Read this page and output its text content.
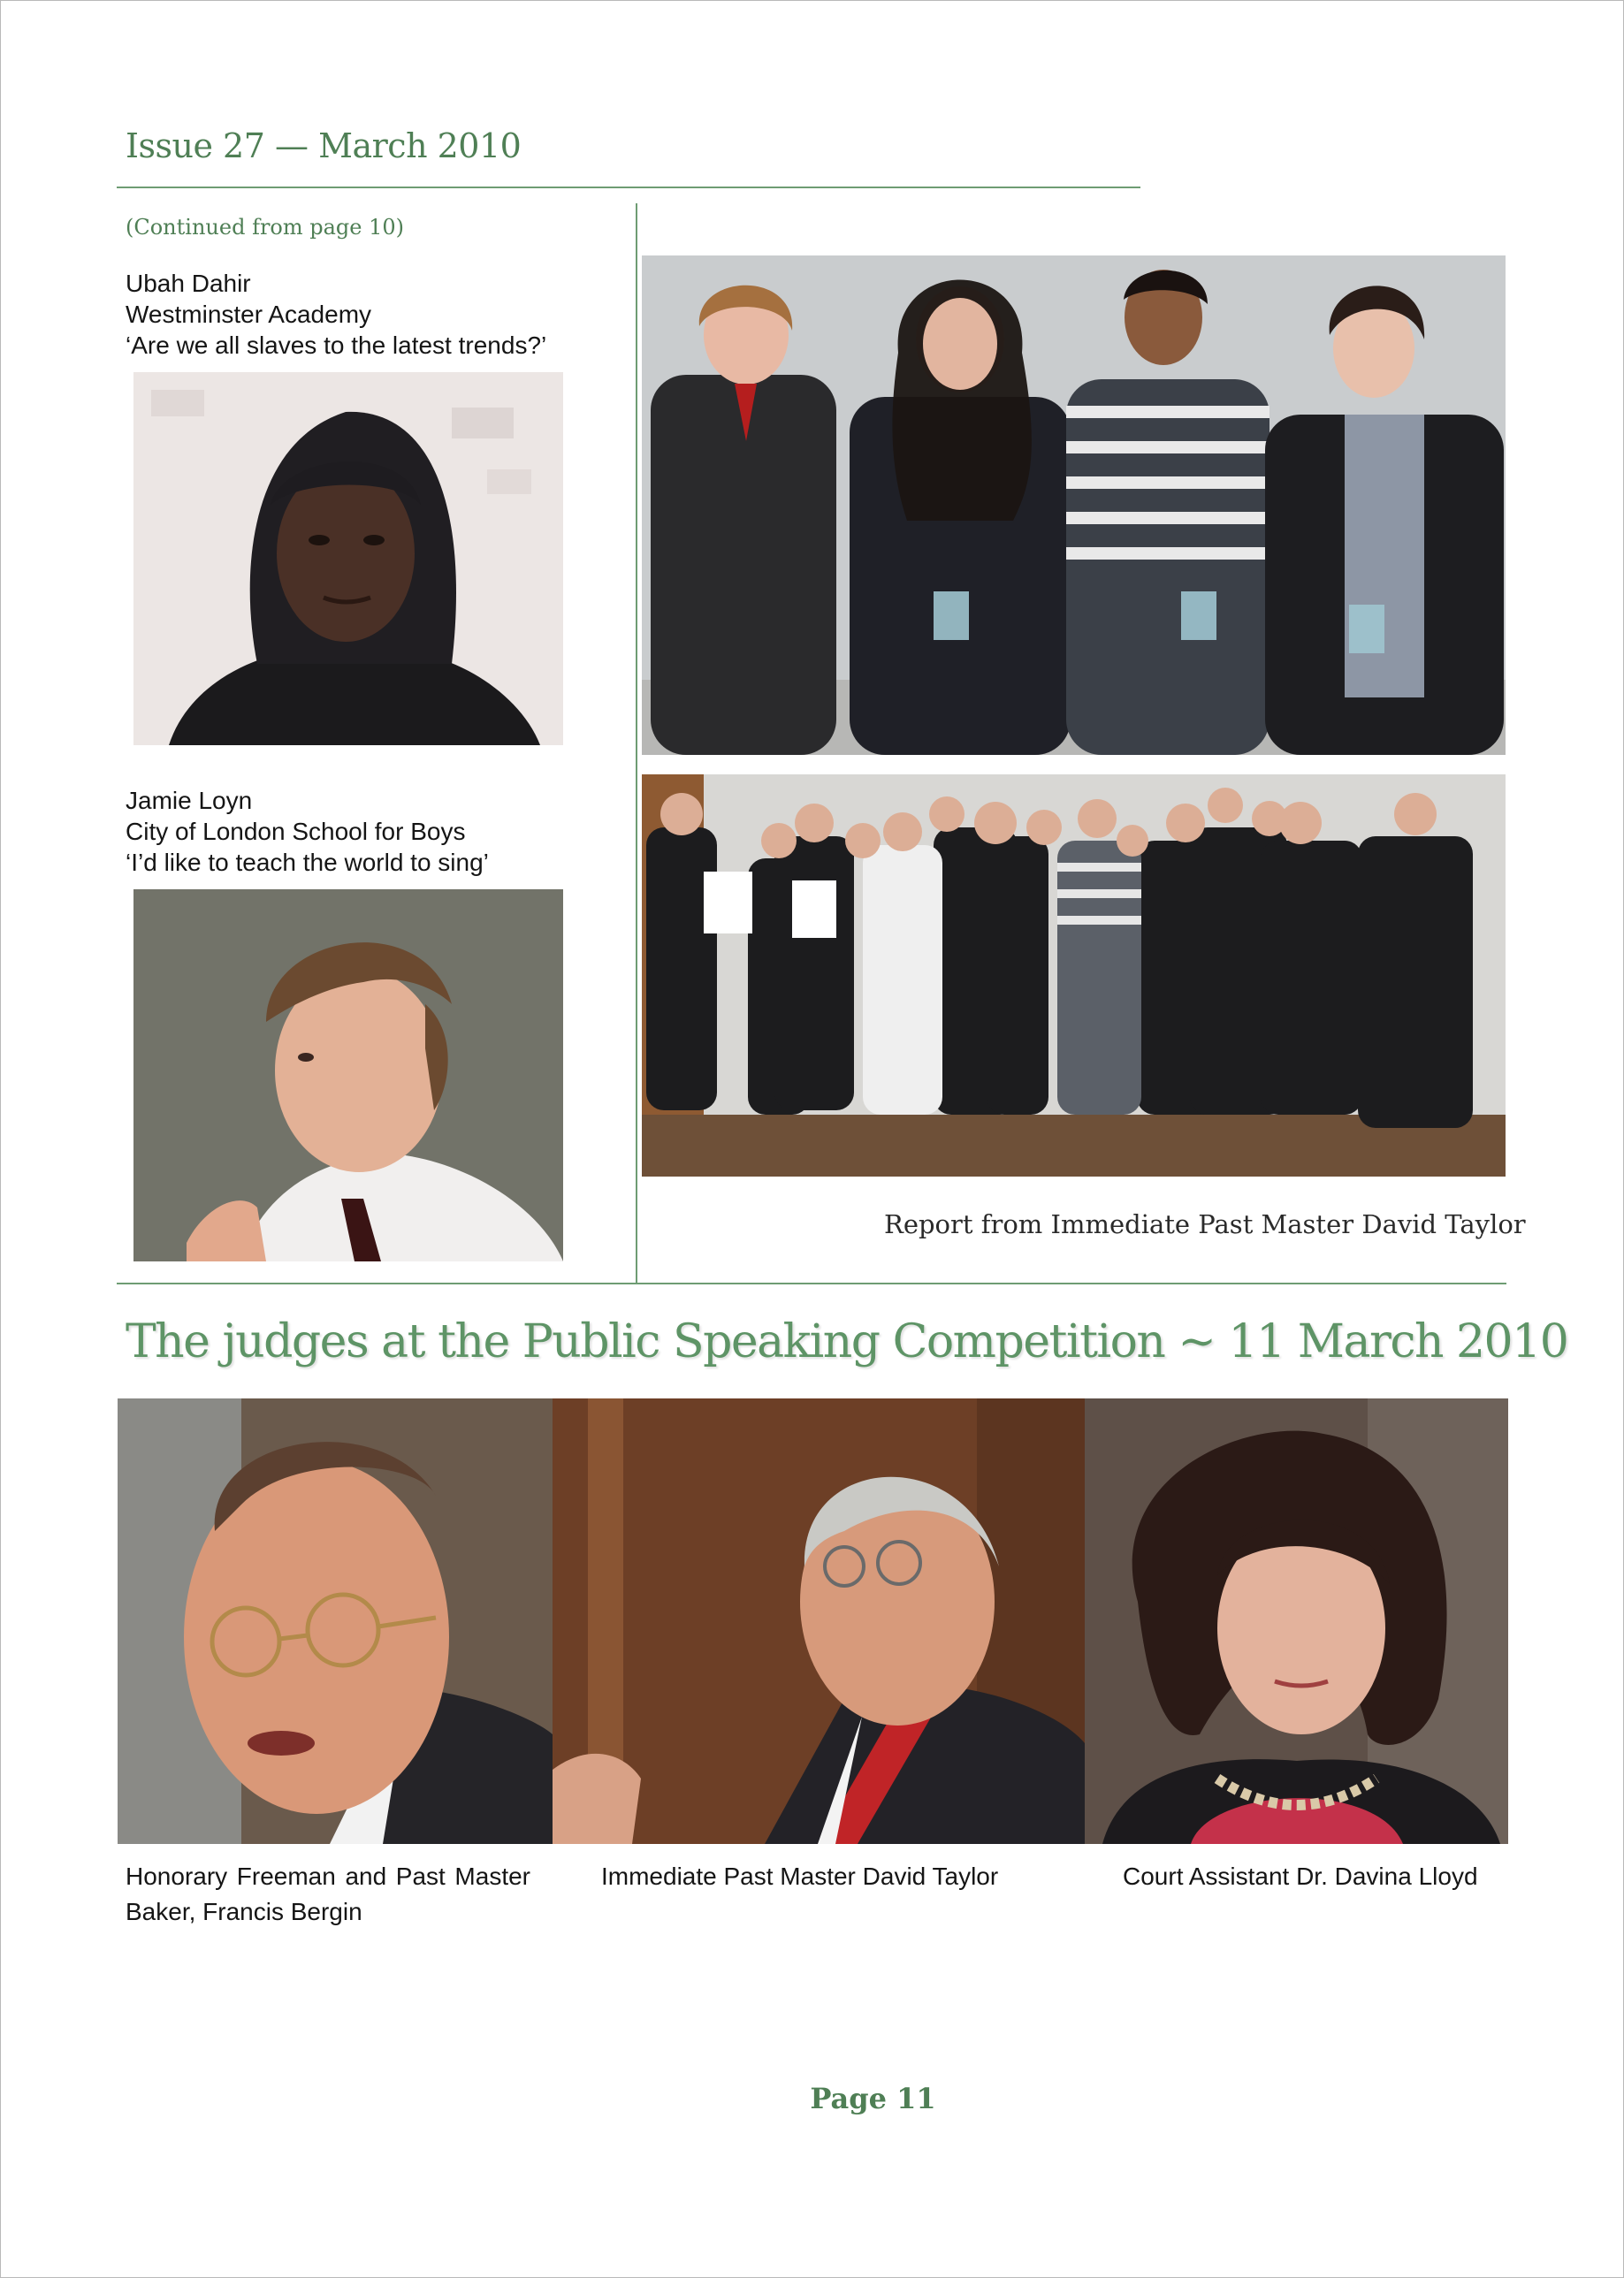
Issue 27 — March 2010
(Continued from page 10)
Ubah Dahir
Westminster Academy
‘Are we all slaves to the latest trends?’
Jamie Loyn
City of London School for Boys
‘I’d like to teach the world to sing’
Report from Immediate Past Master David Taylor
The judges at the Public Speaking Competition ~ 11 March 2010
Honorary Freeman and Past Master Baker, Francis Bergin
Immediate Past Master David Taylor	Court Assistant Dr. Davina Lloyd
Page 11
